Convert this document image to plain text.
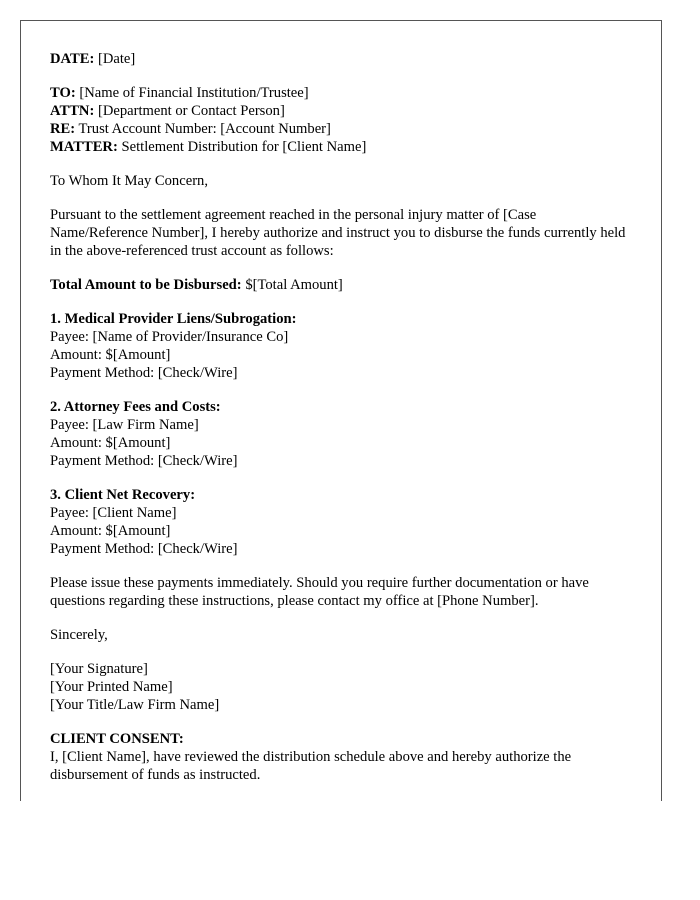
DATE: [Date]
TO: [Name of Financial Institution/Trustee]
ATTN: [Department or Contact Person]
RE: Trust Account Number: [Account Number]
MATTER: Settlement Distribution for [Client Name]
To Whom It May Concern,
Pursuant to the settlement agreement reached in the personal injury matter of [Case Name/Reference Number], I hereby authorize and instruct you to disburse the funds currently held in the above-referenced trust account as follows:
Total Amount to be Disbursed: $[Total Amount]
1. Medical Provider Liens/Subrogation:
Payee: [Name of Provider/Insurance Co]
Amount: $[Amount]
Payment Method: [Check/Wire]
2. Attorney Fees and Costs:
Payee: [Law Firm Name]
Amount: $[Amount]
Payment Method: [Check/Wire]
3. Client Net Recovery:
Payee: [Client Name]
Amount: $[Amount]
Payment Method: [Check/Wire]
Please issue these payments immediately. Should you require further documentation or have questions regarding these instructions, please contact my office at [Phone Number].
Sincerely,
[Your Signature]
[Your Printed Name]
[Your Title/Law Firm Name]
CLIENT CONSENT:
I, [Client Name], have reviewed the distribution schedule above and hereby authorize the disbursement of funds as instructed.
